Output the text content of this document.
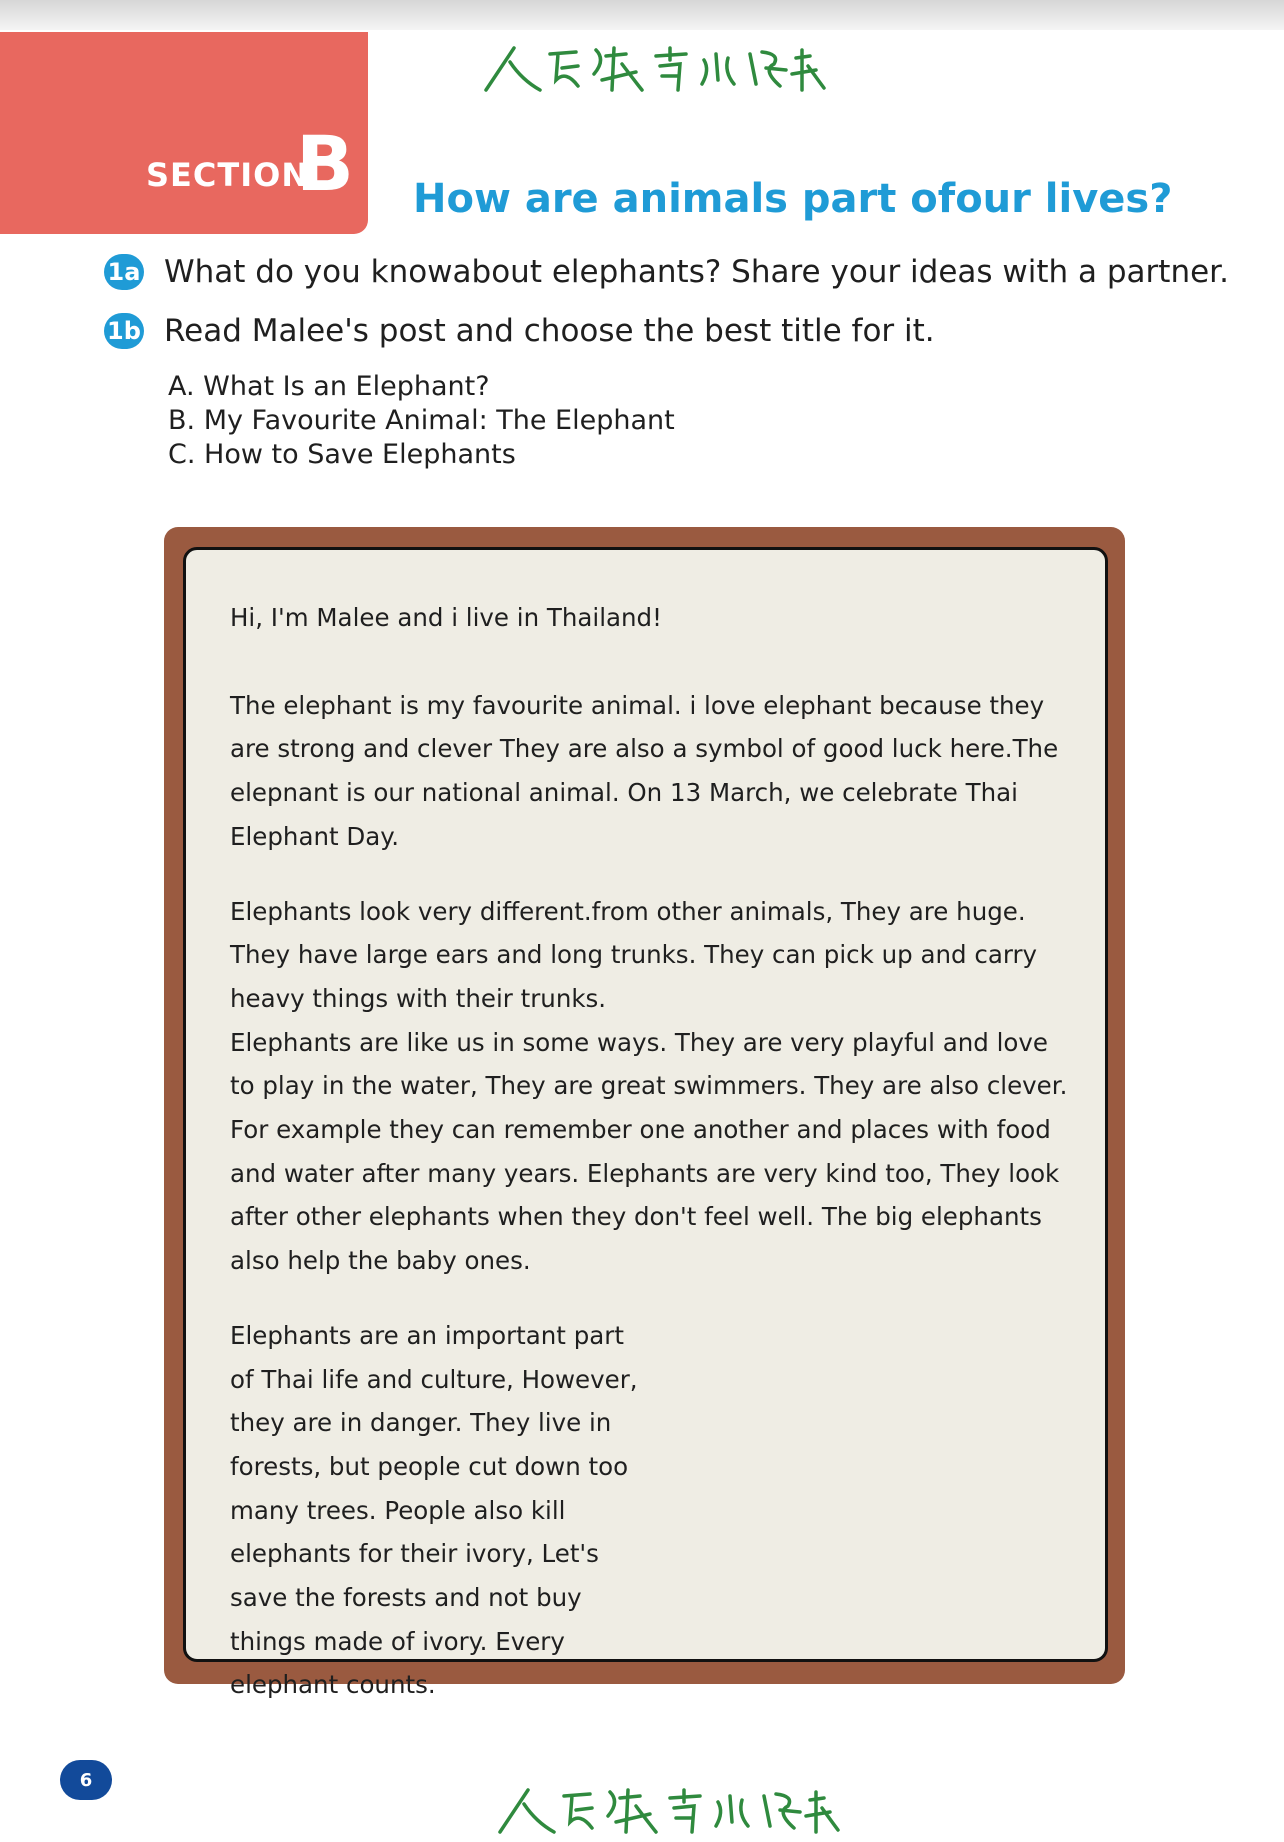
SECTION
B How are animals part ofour lives?
1a What do you knowabout elephants? Share your ideas with a partner.
1b Read Malee's post and choose the best title for it.
A. What Is an Elephant?
B. My Favourite Animal: The Elephant
C. How to Save Elephants

Hi, I'm Malee and i live in Thailand!

The elephant is my favourite animal. i love elephant because they are strong and clever They are also a symbol of good luck here.The elepnant is our national animal. On 13 March, we celebrate Thai Elephant Day.

Elephants look very different.from other animals, They are huge. They have large ears and long trunks. They can pick up and carry heavy things with their trunks.

Elephants are like us in some ways. They are very playful and love to play in the water, They are great swimmers. They are also clever. For example they can remember one another and places with food and water after many years. Elephants are very kind too, They look after other elephants when they don't feel well. The big elephants also help the baby ones.

Elephants are an important part of Thai life and culture, However, they are in danger. They live in forests, but people cut down too many trees. People also kill elephants for their ivory, Let's save the forests and not buy things made of ivory. Every elephant counts.

6
